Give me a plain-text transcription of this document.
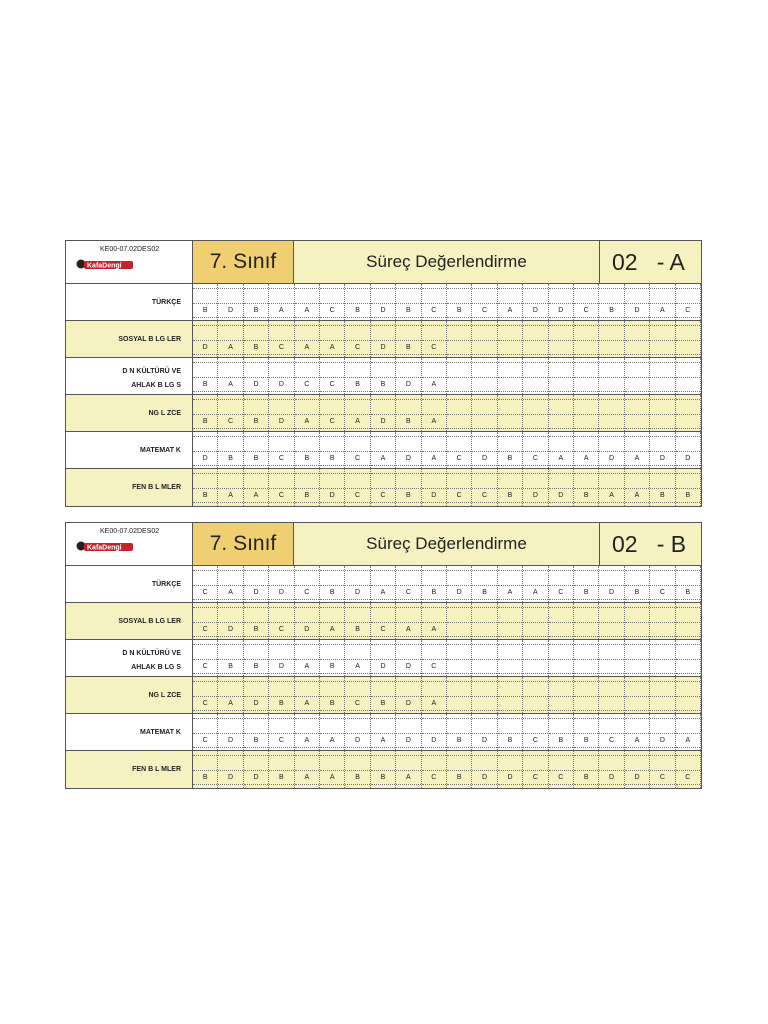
KE00-07.02DES02
KafaDengi	7. Sınıf	Süreç Değerlendirme	02   - A
TÜRKÇE
B	D	B	A	A	C	B	D	B	C	B	C	A	D	D	C	B	D	A	C
SOSYAL B LG LER
D	A	B	C	A	A	C	D	B	C
D N KÜLTÜRÜ VE
AHLAK B LG S	B	A	D	D	C	C	B	B	D	A
NG L ZCE
B	C	B	D	A	C	A	D	B	A
MATEMAT K
D	B	B	C	B	B	C	A	D	A	C	D	B	C	A	A	D	A	D	D
FEN B L MLER
B	A	A	C	B	D	C	C	B	D	C	C	B	D	D	B	A	A	B	B
KE00-07.02DES02
KafaDengi	7. Sınıf	Süreç Değerlendirme	02   - B
TÜRKÇE
C	A	D	D	C	B	D	A	C	B	D	B	A	A	C	B	D	B	C	B
SOSYAL B LG LER
C	D	B	C	D	A	B	C	A	A
D N KÜLTÜRÜ VE
AHLAK B LG S	C	B	B	D	A	B	A	D	D	C
NG L ZCE
C	A	D	B	A	B	C	B	D	A
MATEMAT K
C	D	B	C	A	A	D	A	D	D	B	D	B	C	B	B	C	A	D	A
FEN B L MLER
B	D	D	B	A	A	B	B	A	C	B	D	D	C	C	B	D	D	C	C
